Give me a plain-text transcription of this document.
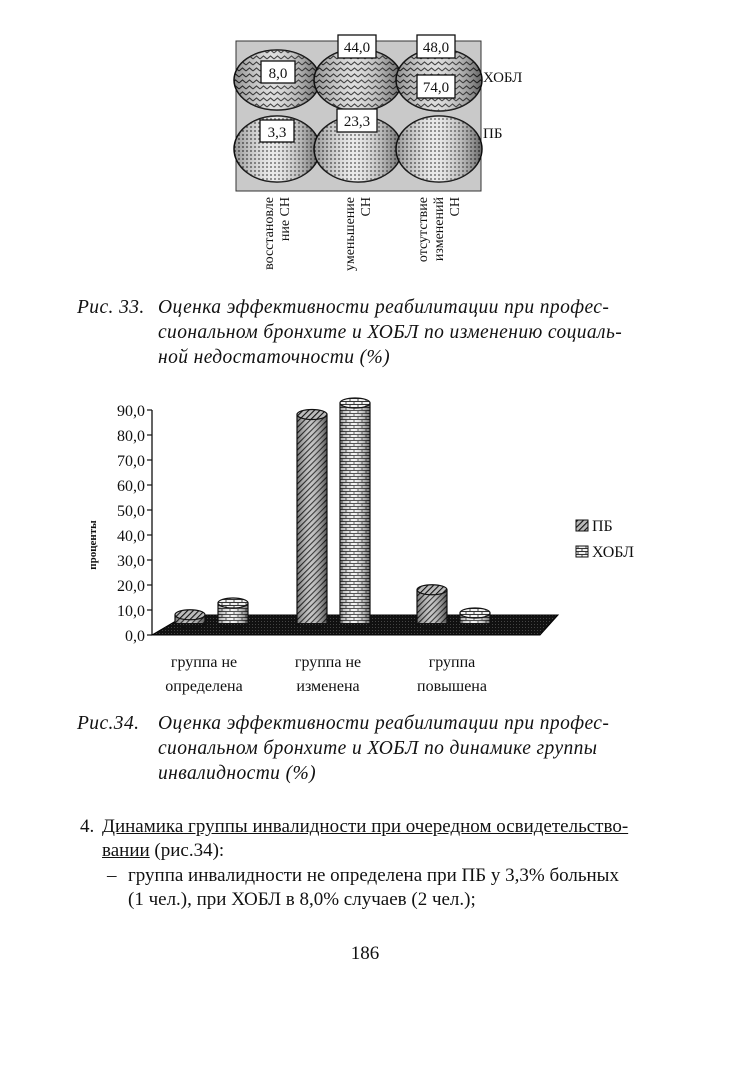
8,0
44,0	48,0
74,0
3,3
23,3
ХОБЛ
ПБ
восстановле ние СН	уменьшение СН	отсутствие изменений СН
Рис. 33. Оценка эффективности реабилитации при профес-
сиональном бронхите и ХОБЛ по изменению социаль-
ной недостаточности (%)
0,0
10,0
20,0
30,0
40,0
50,0
60,0
70,0
80,0
90,0
проценты
группа не
определена
группа не
изменена
группа
повышена
ПБ
ХОБЛ
Рис.34. Оценка эффективности реабилитации при профес-
сиональном бронхите и ХОБЛ по динамике группы
инвалидности (%)
4. Динамика группы инвалидности при очередном освидетельство-
вании (рис.34):
– группа инвалидности не определена при ПБ у 3,3% больных
(1 чел.), при ХОБЛ в 8,0% случаев (2 чел.);
186
